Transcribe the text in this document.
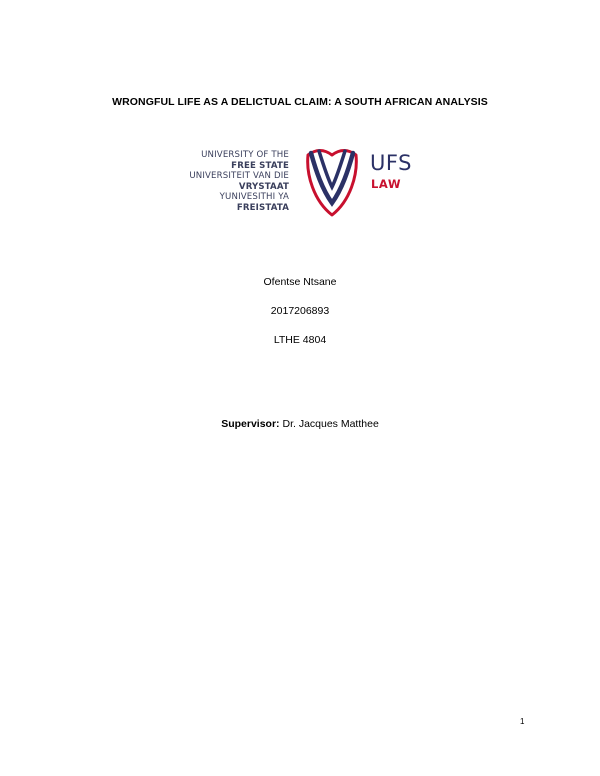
WRONGFUL LIFE AS A DELICTUAL CLAIM: A SOUTH AFRICAN ANALYSIS
UNIVERSITY OF THE
FREE STATE
UNIVERSITEIT VAN DIE
VRYSTAAT
YUNIVESITHI YA
FREISTATA
UFS
LAW
Ofentse Ntsane
2017206893
LTHE 4804
Supervisor: Dr. Jacques Matthee
1
